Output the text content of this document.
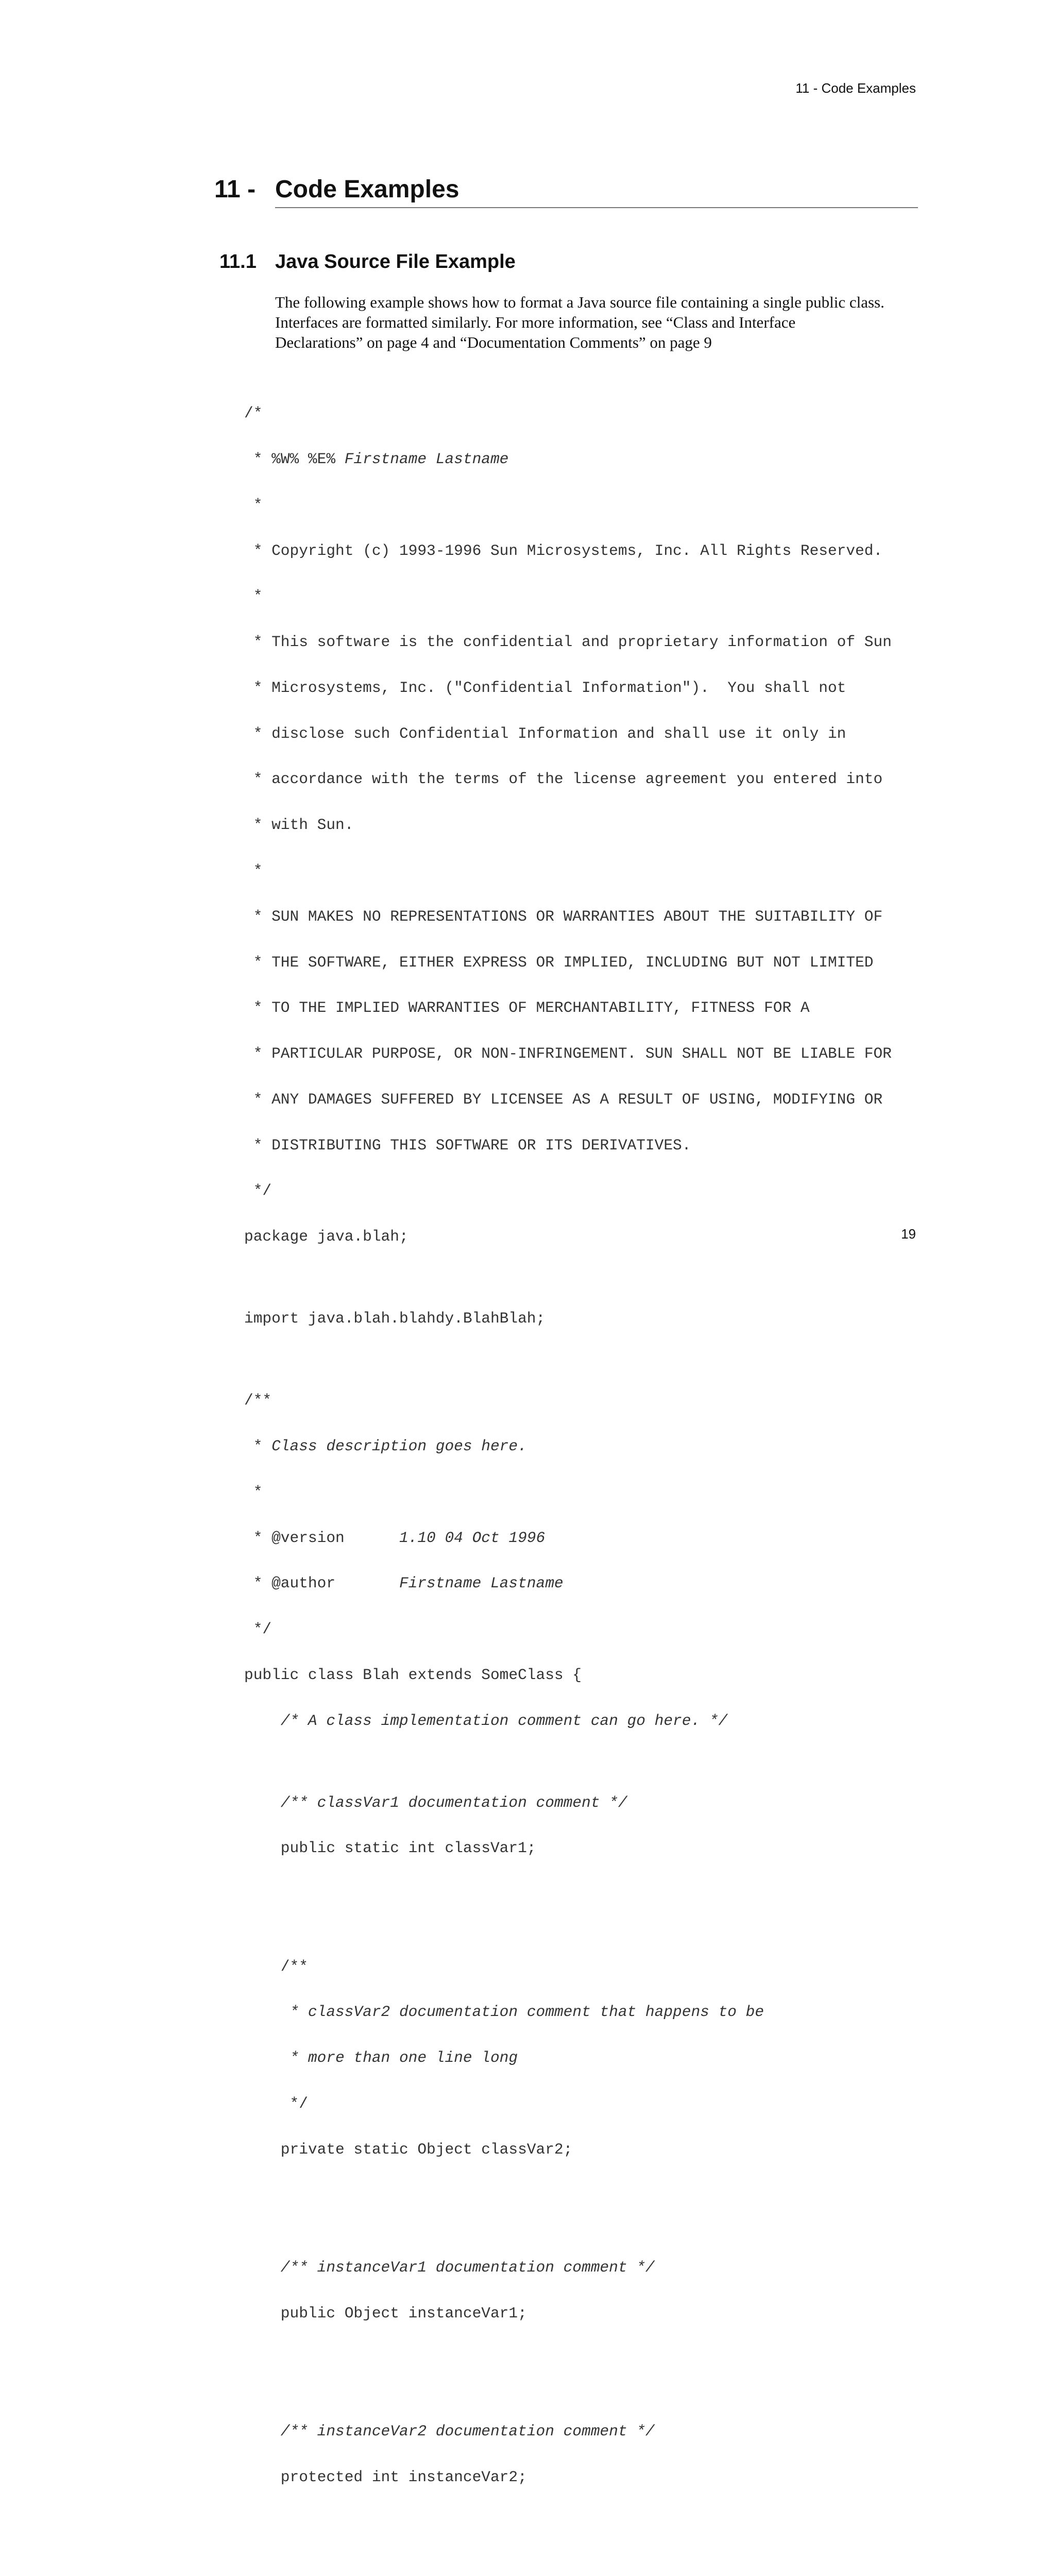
11 - Code Examples
11 - Code Examples
11.1 Java Source File Example
The following example shows how to format a Java source file containing a single public class.
Interfaces are formatted similarly. For more information, see “Class and Interface
Declarations” on page 4 and “Documentation Comments” on page 9

/*

* %W% %E% Firstname Lastname

*

* Copyright (c) 1993-1996 Sun Microsystems, Inc. All Rights Reserved.

*

* This software is the confidential and proprietary information of Sun

* Microsystems, Inc. ("Confidential Information").  You shall not

* disclose such Confidential Information and shall use it only in

* accordance with the terms of the license agreement you entered into

* with Sun.

*

* SUN MAKES NO REPRESENTATIONS OR WARRANTIES ABOUT THE SUITABILITY OF

* THE SOFTWARE, EITHER EXPRESS OR IMPLIED, INCLUDING BUT NOT LIMITED

* TO THE IMPLIED WARRANTIES OF MERCHANTABILITY, FITNESS FOR A

* PARTICULAR PURPOSE, OR NON-INFRINGEMENT. SUN SHALL NOT BE LIABLE FOR

* ANY DAMAGES SUFFERED BY LICENSEE AS A RESULT OF USING, MODIFYING OR

* DISTRIBUTING THIS SOFTWARE OR ITS DERIVATIVES.

*/

package java.blah;

import java.blah.blahdy.BlahBlah;

/**

* Class description goes here.

*

* @version      1.10 04 Oct 1996

* @author       Firstname Lastname

*/

public class Blah extends SomeClass {

/* A class implementation comment can go here. */

/** classVar1 documentation comment */

public static int classVar1;

/**

* classVar2 documentation comment that happens to be

* more than one line long

*/

private static Object classVar2;

/** instanceVar1 documentation comment */

public Object instanceVar1;

/** instanceVar2 documentation comment */

protected int instanceVar2;

19
